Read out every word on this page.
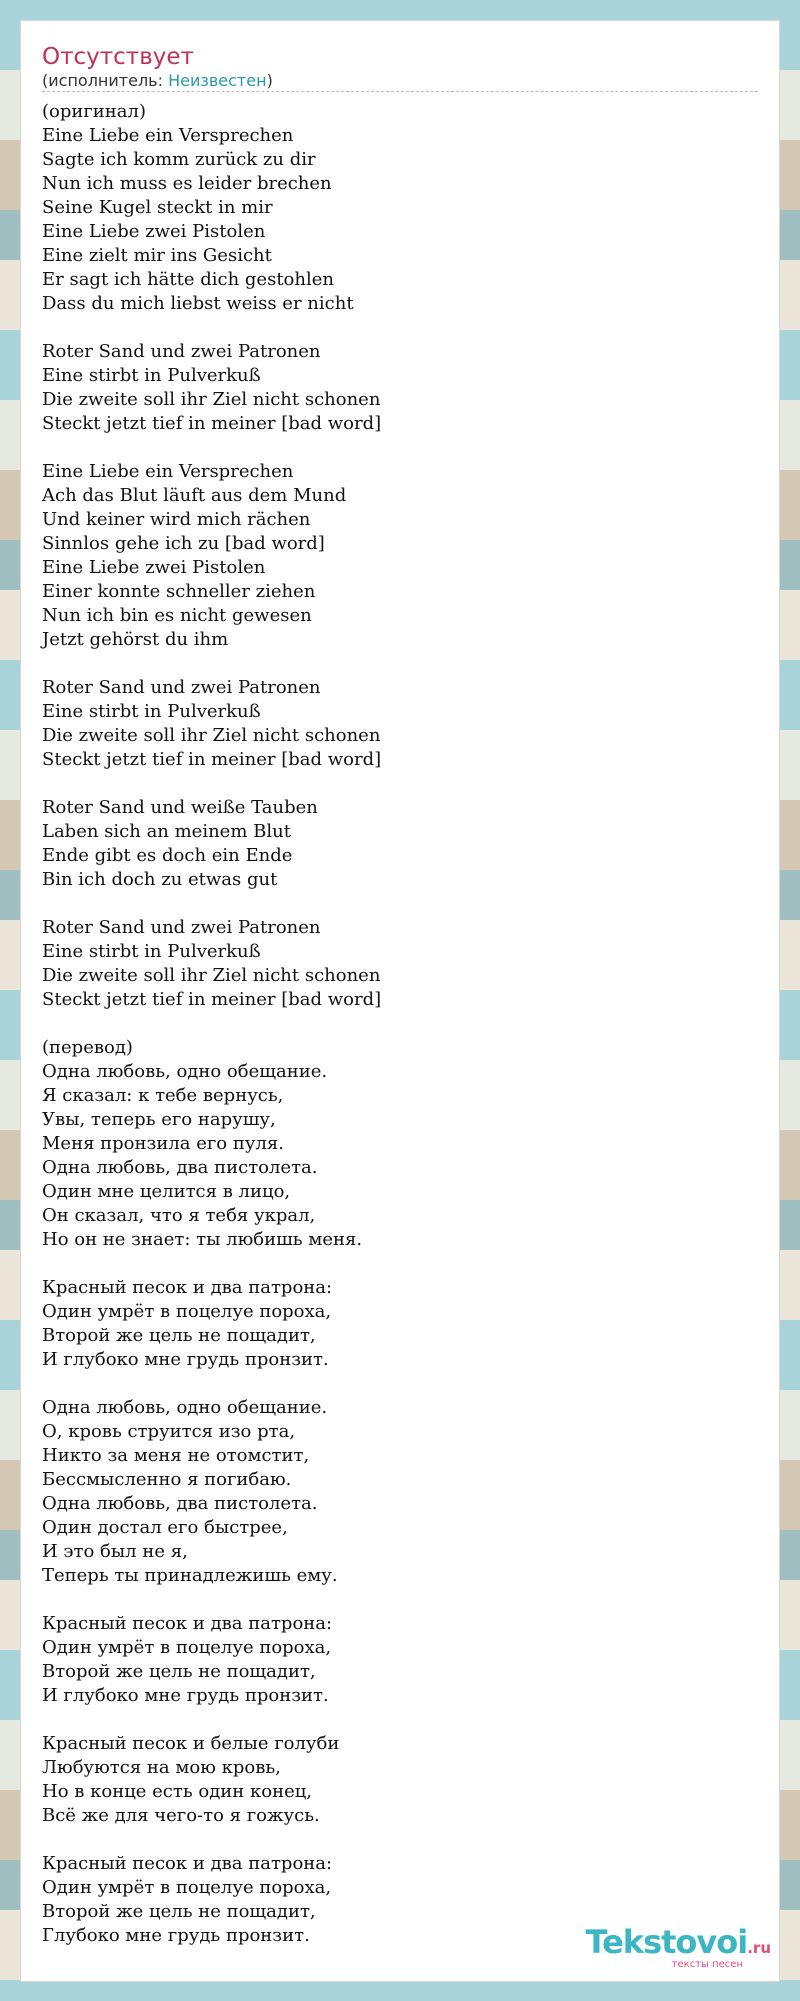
Отсутствует
(исполнитель: Неизвестен)
(оригинал)
Eine Liebe ein Versprechen
Sagte ich komm zurück zu dir
Nun ich muss es leider brechen
Seine Kugel steckt in mir
Eine Liebe zwei Pistolen
Eine zielt mir ins Gesicht
Er sagt ich hätte dich gestohlen
Dass du mich liebst weiss er nicht
Roter Sand und zwei Patronen
Eine stirbt in Pulverkuß
Die zweite soll ihr Ziel nicht schonen
Steckt jetzt tief in meiner [bad word]
Eine Liebe ein Versprechen
Ach das Blut läuft aus dem Mund
Und keiner wird mich rächen
Sinnlos gehe ich zu [bad word]
Eine Liebe zwei Pistolen
Einer konnte schneller ziehen
Nun ich bin es nicht gewesen
Jetzt gehörst du ihm
Roter Sand und zwei Patronen
Eine stirbt in Pulverkuß
Die zweite soll ihr Ziel nicht schonen
Steckt jetzt tief in meiner [bad word]
Roter Sand und weiße Tauben
Laben sich an meinem Blut
Ende gibt es doch ein Ende
Bin ich doch zu etwas gut
Roter Sand und zwei Patronen
Eine stirbt in Pulverkuß
Die zweite soll ihr Ziel nicht schonen
Steckt jetzt tief in meiner [bad word]
(перевод)
Одна любовь, одно обещание.
Я сказал: к тебе вернусь,
Увы, теперь его нарушу,
Меня пронзила его пуля.
Одна любовь, два пистолета.
Один мне целится в лицо,
Он сказал, что я тебя украл,
Но он не знает: ты любишь меня.
Красный песок и два патрона:
Один умрёт в поцелуе пороха,
Второй же цель не пощадит,
И глубоко мне грудь пронзит.
Одна любовь, одно обещание.
О, кровь струится изо рта,
Никто за меня не отомстит,
Бессмысленно я погибаю.
Одна любовь, два пистолета.
Один достал его быстрее,
И это был не я,
Теперь ты принадлежишь ему.
Красный песок и два патрона:
Один умрёт в поцелуе пороха,
Второй же цель не пощадит,
И глубоко мне грудь пронзит.
Красный песок и белые голуби
Любуются на мою кровь,
Но в конце есть один конец,
Всё же для чего-то я гожусь.
Красный песок и два патрона:
Один умрёт в поцелуе пороха,
Второй же цель не пощадит,
Глубоко мне грудь пронзит.	Tekstovoi.ru
тексты песен
